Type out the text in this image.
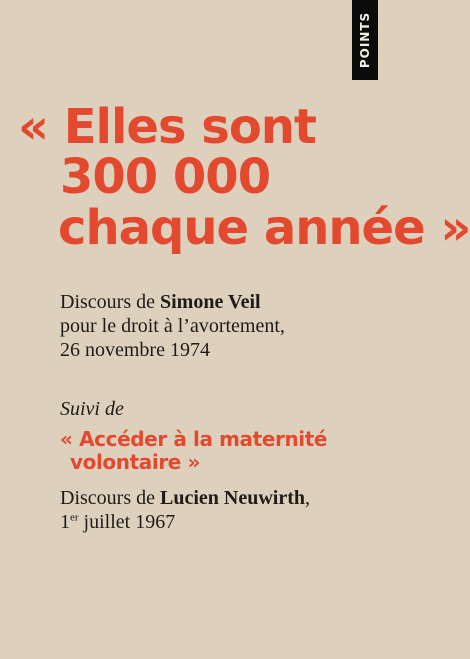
POINTS
« Elles sont
300 000
chaque année »
Discours de Simone Veil
pour le droit à l’avortement,
26 novembre 1974
Suivi de
« Accéder à la maternité
volontaire »
Discours de Lucien Neuwirth,
1er juillet 1967
